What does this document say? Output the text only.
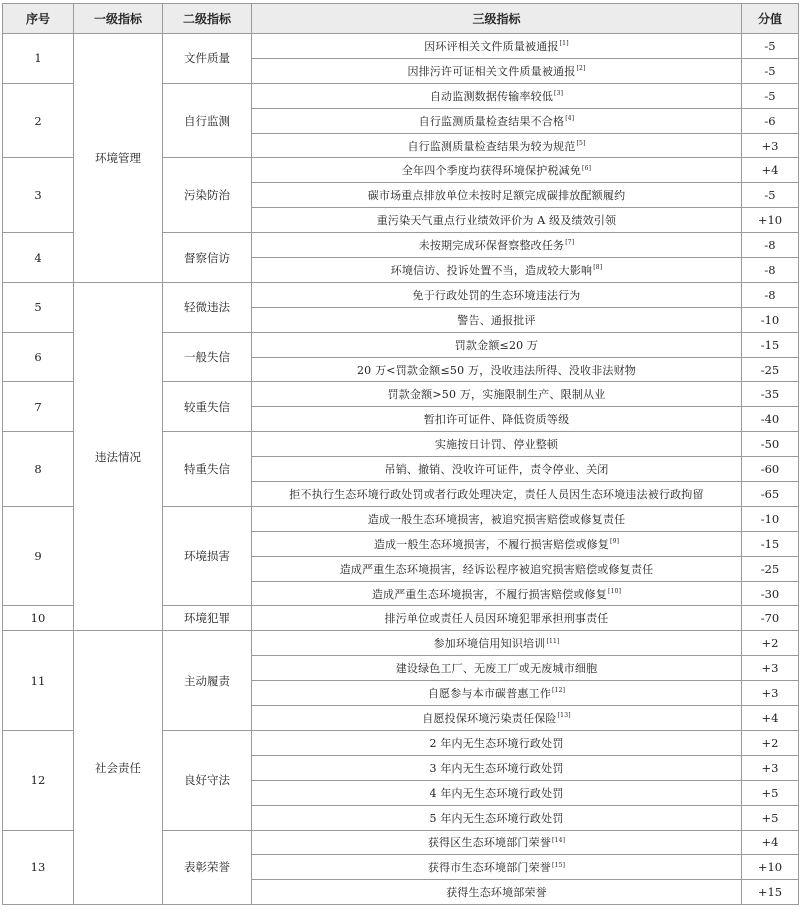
序号	一级指标	二级指标	三级指标	分值
1	环境管理	文件质量	因环评相关文件质量被通报[1]	-5
			因排污许可证相关文件质量被通报[2]	-5
2		自行监测	自动监测数据传输率较低[3]	-5
			自行监测质量检查结果不合格[4]	-6
			自行监测质量检查结果为较为规范[5]	+3
3		污染防治	全年四个季度均获得环境保护税减免[6]	+4
			碳市场重点排放单位未按时足额完成碳排放配额履约	-5
			重污染天气重点行业绩效评价为 A 级及绩效引领	+10
4		督察信访	未按期完成环保督察整改任务[7]	-8
			环境信访、投诉处置不当，造成较大影响[8]	-8
5	违法情况	轻微违法	免于行政处罚的生态环境违法行为	-8
			警告、通报批评	-10
6		一般失信	罚款金额≤20 万	-15
			20 万<罚款金额≤50 万，没收违法所得、没收非法财物	-25
7		较重失信	罚款金额>50 万，实施限制生产、限制从业	-35
			暂扣许可证件、降低资质等级	-40
8		特重失信	实施按日计罚、停业整顿	-50
			吊销、撤销、没收许可证件，责令停业、关闭	-60
			拒不执行生态环境行政处罚或者行政处理决定，责任人员因生态环境违法被行政拘留	-65
9		环境损害	造成一般生态环境损害，被追究损害赔偿或修复责任	-10
			造成一般生态环境损害，不履行损害赔偿或修复[9]	-15
			造成严重生态环境损害，经诉讼程序被追究损害赔偿或修复责任	-25
			造成严重生态环境损害，不履行损害赔偿或修复[10]	-30
10		环境犯罪	排污单位或责任人员因环境犯罪承担刑事责任	-70
11	社会责任	主动履责	参加环境信用知识培训[11]	+2
			建设绿色工厂、无废工厂或无废城市细胞	+3
			自愿参与本市碳普惠工作[12]	+3
			自愿投保环境污染责任保险[13]	+4
12		良好守法	2 年内无生态环境行政处罚	+2
			3 年内无生态环境行政处罚	+3
			4 年内无生态环境行政处罚	+5
			5 年内无生态环境行政处罚	+5
13		表彰荣誉	获得区生态环境部门荣誉[14]	+4
			获得市生态环境部门荣誉[15]	+10
			获得生态环境部荣誉	+15
